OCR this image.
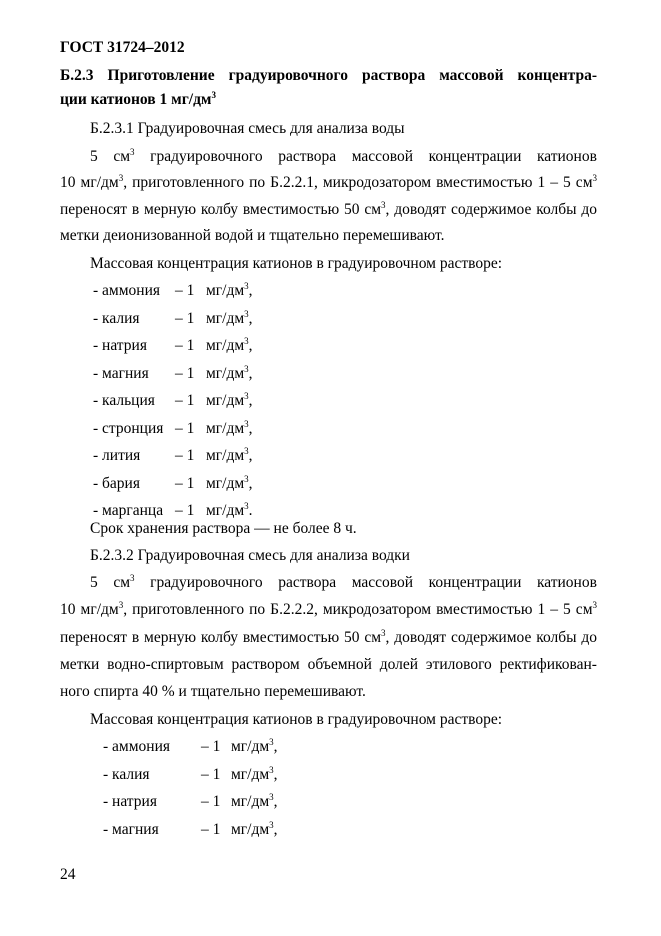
ГОСТ 31724–2012
Б.2.3 Приготовление градуировочного раствора массовой концентра-
ции катионов 1 $мг/дм^3$
Б.2.3.1 Градуировочная смесь для анализа воды
5 $см^3$ градуировочного раствора массовой концентрации катионов
10 $мг/дм^3$, приготовленного по Б.2.2.1, микродозатором вместимостью 1 – 5 $см^3$
переносят в мерную колбу вместимостью 50 $см^3$, доводят содержимое колбы до
метки деионизованной водой и тщательно перемешивают.
Массовая концентрация катионов в градуировочном растворе:
- аммония – 1 $мг/дм^3$,
- калия – 1 $мг/дм^3$,
- натрия – 1 $мг/дм^3$,
- магния – 1 $мг/дм^3$,
- кальция – 1 $мг/дм^3$,
- стронция – 1 $мг/дм^3$,
- лития – 1 $мг/дм^3$,
- бария – 1 $мг/дм^3$,
- марганца – 1 $мг/дм^3$.
Срок хранения раствора — не более 8 ч.
Б.2.3.2 Градуировочная смесь для анализа водки
5 $см^3$ градуировочного раствора массовой концентрации катионов
10 $мг/дм^3$, приготовленного по Б.2.2.2, микродозатором вместимостью 1 – 5 $см^3$
переносят в мерную колбу вместимостью 50 $см^3$, доводят содержимое колбы до
метки водно-спиртовым раствором объемной долей этилового ректификован-
ного спирта 40 % и тщательно перемешивают.
Массовая концентрация катионов в градуировочном растворе:
- аммония – 1 $мг/дм^3$,
- калия	– 1 $мг/дм^3$,
- натрия	– 1 $мг/дм^3$,
- магния	– 1 $мг/дм^3$,
24
